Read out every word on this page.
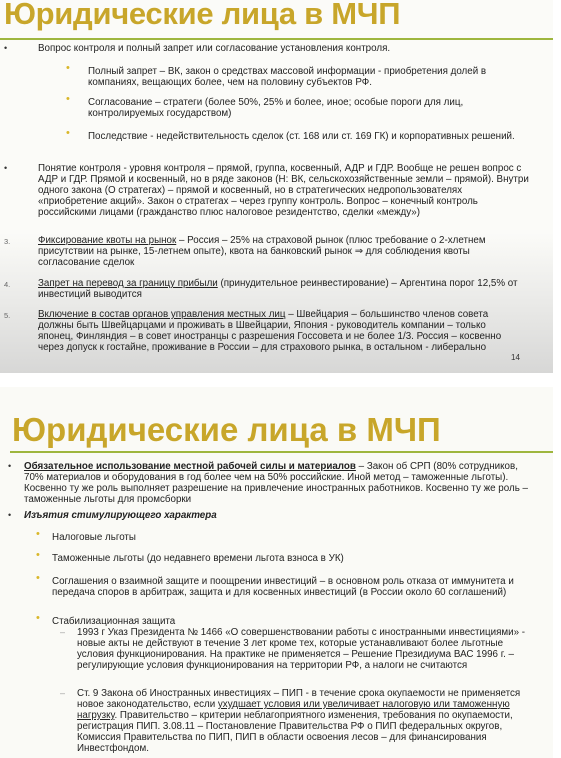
Юридические лица в МЧП
•	Вопрос контроля и полный запрет или согласование установления контроля.
• Полный запрет – ВК, закон о средствах массовой информации - приобретения долей в компаниях, вещающих более, чем на половину субъектов РФ.
• Согласование – стратеги (более 50%, 25% и более, иное; особые пороги для лиц, контролируемых государством)
• Последствие - недействительность сделок (ст. 168 или ст. 169 ГК) и корпоративных решений.
•	Понятие контроля - уровня контроля – прямой, группа, косвенный, АДР и ГДР. Вообще не решен вопрос с АДР и ГДР. Прямой и косвенный, но в ряде законов (Н: ВК, сельскохозяйственные земли – прямой). Внутри одного закона (О стратегах) – прямой и косвенный, но в стратегических недропользователях «приобретение акций». Закон о стратегах – через группу контроль. Вопрос – конечный контроль российскими лицами (гражданство плюс налоговое резидентство, сделки «между»)
3.	Фиксирование квоты на рынок – Россия – 25% на страховой рынок (плюс требование о 2-хлетнем присутствии на рынке, 15-летнем опыте), квота на банковский рынок ⇒ для соблюдения квоты согласование сделок
4.	Запрет на перевод за границу прибыли (принудительное реинвестирование) – Аргентина порог 12,5% от инвестиций выводится
5.	Включение в состав органов управления местных лиц – Швейцария – большинство членов совета должны быть Швейцарцами и проживать в Швейцарии, Япония - руководитель компании – только японец, Финляндия – в совет иностранцы с разрешения Госсовета и не более 1/3. Россия – косвенно через допуск к гостайне, проживание в России – для страхового рынка, в остальном - либерально
14
Юридические лица в МЧП
• Обязательное использование местной рабочей силы и материалов – Закон об СРП (80% сотрудников, 70% материалов и оборудования в год более чем на 50% российские. Иной метод – таможенные льготы). Косвенно ту же роль выполняет разрешение на привлечение иностранных работников. Косвенно ту же роль – таможенные льготы для промсборки
• Изъятия стимулирующего характера
• Налоговые льготы
• Таможенные льготы (до недавнего времени льгота взноса в УК)
• Соглашения о взаимной защите и поощрении инвестиций – в основном роль отказа от иммунитета и передача споров в арбитраж, защита и для косвенных инвестиций (в России около 60 соглашений)
• Стабилизационная защита
– 1993 г Указ Президента № 1466 «О совершенствовании работы с иностранными инвестициями» - новые акты не действуют в течение 3 лет кроме тех, которые устанавливают более льготные условия функционирования. На практике не применяется – Решение Президиума ВАС 1996 г. – регулирующие условия функционирования на территории РФ, а налоги не считаются
– Ст. 9 Закона об Иностранных инвестициях – ПИП - в течение срока окупаемости не применяется новое законодательство, если ухудшает условия или увеличивает налоговую или таможенную нагрузку. Правительство – критерии неблагоприятного изменения, требования по окупаемости, регистрация ПИП. 3.08.11 – Постановление Правительства РФ о ПИП федеральных округов, Комиссия Правительства по ПИП, ПИП в области освоения лесов – для финансирования Инвестфондом.
